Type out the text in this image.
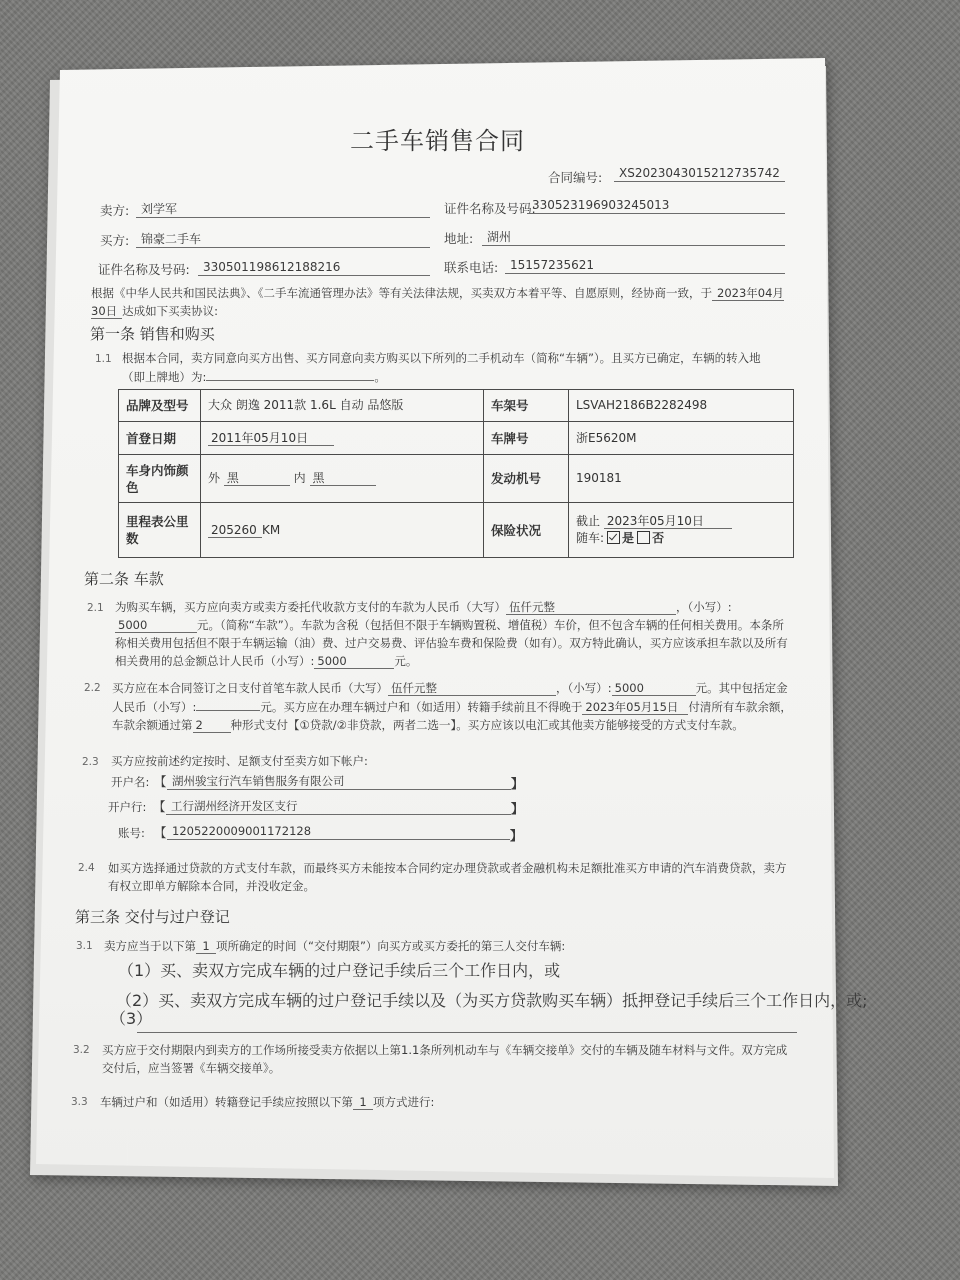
二手车销售合同
合同编号:	XS2023043015212735742
卖方: 刘学军	证件名称及号码:
330523196903245013
买方: 锦豪二手车	地址:	湖州
证件名称及号码:	330501198612188216	联系电话: 15157235621
根据《中华人民共和国民法典》、《二手车流通管理办法》等有关法律法规，买卖双方本着平等、自愿原则，经协商一致，于 2023年04月30日 达成如下买卖协议:
第一条 销售和购买
1.1 根据本合同，卖方同意向买方出售、买方同意向卖方购买以下所列的二手机动车（简称“车辆”）。且买方已确定，车辆的转入地（即上牌地）为:	。
品牌及型号	大众 朗逸 2011款 1.6L 自动 品悠版	车架号	LSVAH2186B2282498
首登日期	2011年05月10日	车牌号	浙E5620M
车身内饰颜色	外 黑 内 黑	发动机号	190181
里程表公里数	205260 KM	保险状况	截止 2023年05月10日
随车: 是 否
第二条 车款
2.1 为购买车辆，买方应向卖方或卖方委托代收款方支付的车款为人民币（大写） 伍仟元整	，（小写）:5000	元。（简称“车款”）。车款为含税（包括但不限于车辆购置税、增值税）车价，但不包含车辆的任何相关费用。本条所称相关费用包括但不限于车辆运输（油）费、过户交易费、评估验车费和保险费（如有）。双方特此确认，买方应该承担车款以及所有相关费用的总金额总计人民币（小写）: 5000	元。
2.2 买方应在本合同签订之日支付首笔车款人民币（大写） 伍仟元整	，（小写）: 5000	元。其中包括定金人民币（小写）:	元。买方应在办理车辆过户和（如适用）转籍手续前且不得晚于 2023年05月15日 付清所有车款余额，车款余额通过第 2 种形式支付【①贷款/②非贷款，两者二选一】。买方应该以电汇或其他卖方能够接受的方式支付车款。
2.3 买方应按前述约定按时、足额支付至卖方如下帐户:
开户名: 【 湖州骏宝行汽车销售服务有限公司	】
开户行: 【 工行湖州经济开发区支行	】
账号: 【 1205220009001172128	】
2.4 如买方选择通过贷款的方式支付车款，而最终买方未能按本合同约定办理贷款或者金融机构未足额批准买方申请的汽车消费贷款，卖方有权立即单方解除本合同，并没收定金。
第三条 交付与过户登记
3.1 卖方应当于以下第 1 项所确定的时间（“交付期限”）向买方或买方委托的第三人交付车辆:
（1）买、卖双方完成车辆的过户登记手续后三个工作日内，或
（2）买、卖双方完成车辆的过户登记手续以及（为买方贷款购买车辆）抵押登记手续后三个工作日内，或;
（3）
3.2 买方应于交付期限内到卖方的工作场所接受卖方依据以上第1.1条所列机动车与《车辆交接单》交付的车辆及随车材料与文件。双方完成交付后，应当签署《车辆交接单》。
3.3 车辆过户和（如适用）转籍登记手续应按照以下第 1 项方式进行:
